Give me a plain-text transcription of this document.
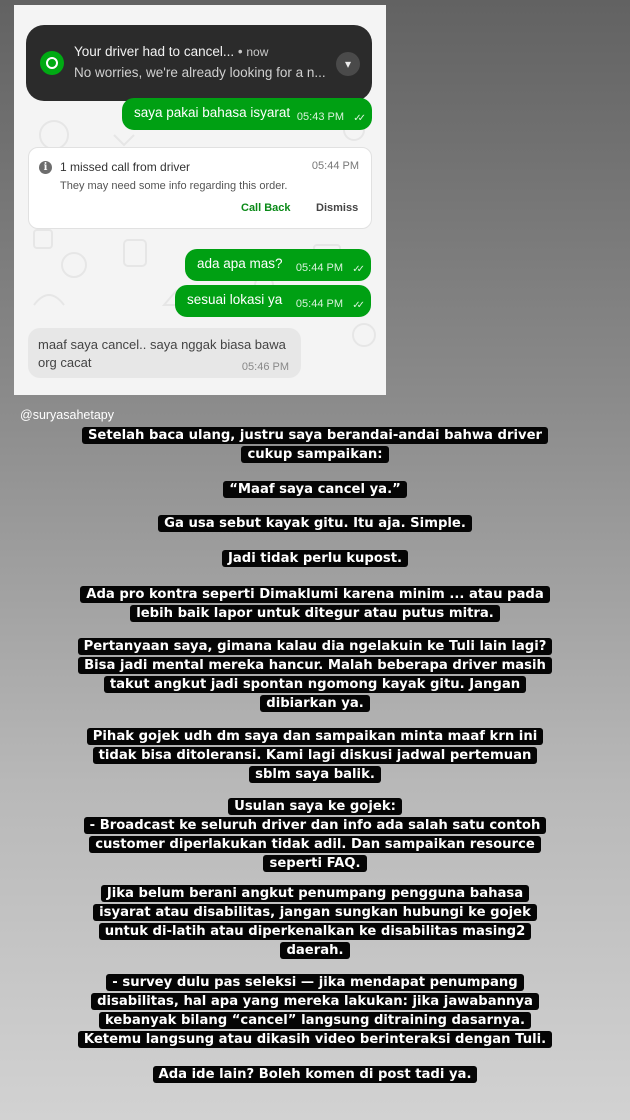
Your driver had to cancel... • now
No worries, we're already looking for a n...
▾
saya pakai bahasa isyarat 05:43 PM ✓✓
i	1 missed call from driver	05:44 PM
They may need some info regarding this order.
Call Back Dismiss
ada apa mas? 05:44 PM ✓✓
sesuai lokasi ya 05:44 PM ✓✓
maaf saya cancel.. saya nggak biasa bawa org cacat	05:46 PM
@suryasahetapy
Setelah baca ulang, justru saya berandai-andai bahwa driver
cukup sampaikan:
“Maaf saya cancel ya.”
Ga usa sebut kayak gitu. Itu aja. Simple.
Jadi tidak perlu kupost.
Ada pro kontra seperti Dimaklumi karena minim ... atau pada
lebih baik lapor untuk ditegur atau putus mitra.
Pertanyaan saya, gimana kalau dia ngelakuin ke Tuli lain lagi?
Bisa jadi mental mereka hancur. Malah beberapa driver masih
takut angkut jadi spontan ngomong kayak gitu. Jangan
dibiarkan ya.
Pihak gojek udh dm saya dan sampaikan minta maaf krn ini
tidak bisa ditoleransi. Kami lagi diskusi jadwal pertemuan
sblm saya balik.
Usulan saya ke gojek:
- Broadcast ke seluruh driver dan info ada salah satu contoh
customer diperlakukan tidak adil. Dan sampaikan resource
seperti FAQ.
Jika belum berani angkut penumpang pengguna bahasa
isyarat atau disabilitas, jangan sungkan hubungi ke gojek
untuk di-latih atau diperkenalkan ke disabilitas masing2
daerah.
- survey dulu pas seleksi — jika mendapat penumpang
disabilitas, hal apa yang mereka lakukan: jika jawabannya
kebanyak bilang “cancel” langsung ditraining dasarnya.
Ketemu langsung atau dikasih video berinteraksi dengan Tuli.
Ada ide lain? Boleh komen di post tadi ya.
